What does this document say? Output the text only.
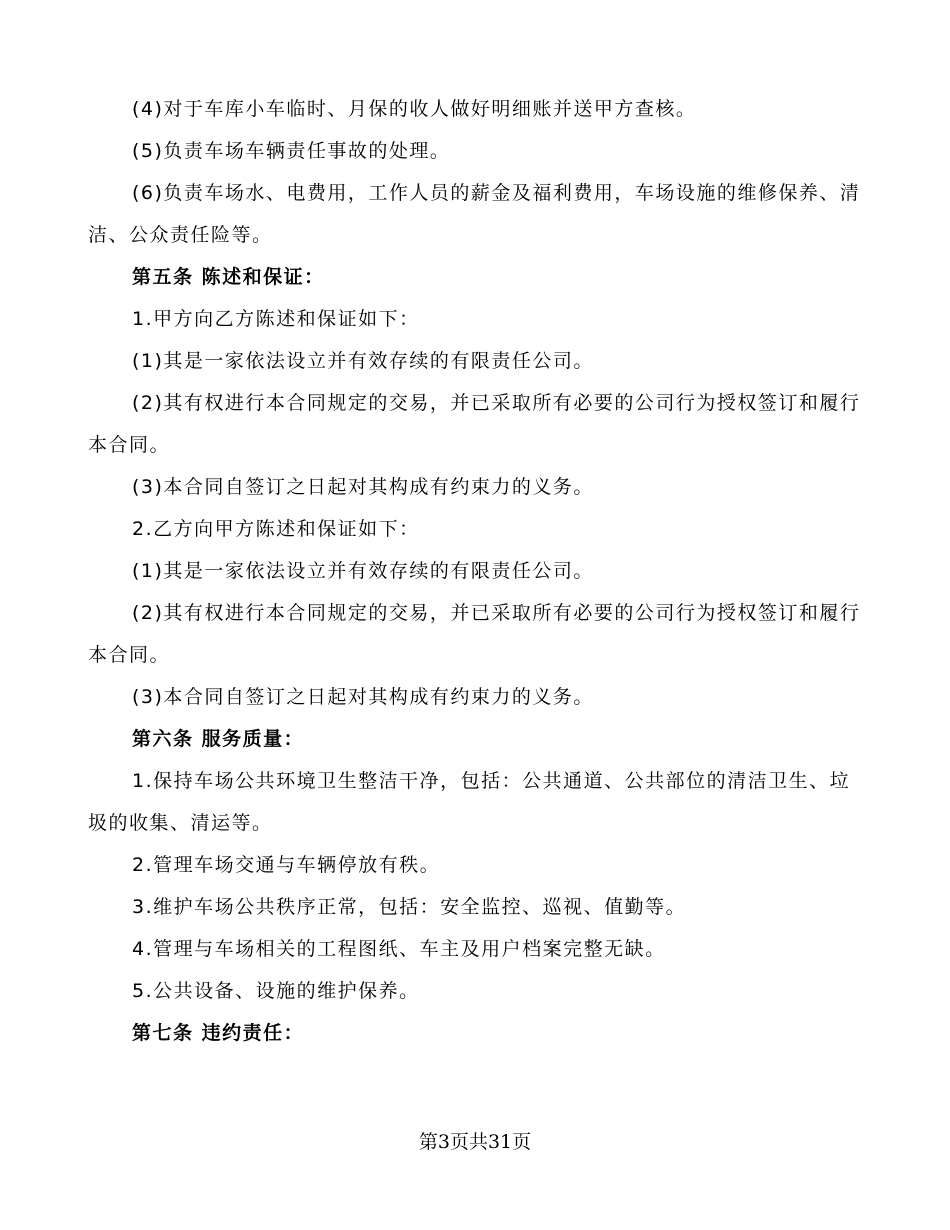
(4)对于车库小车临时、月保的收人做好明细账并送甲方查核。

(5)负责车场车辆责任事故的处理。

(6)负责车场水、电费用，工作人员的薪金及福利费用，车场设施的维修保养、清洁、公众责任险等。

第五条 陈述和保证：

1.甲方向乙方陈述和保证如下：

(1)其是一家依法设立并有效存续的有限责任公司。

(2)其有权进行本合同规定的交易，并已采取所有必要的公司行为授权签订和履行本合同。

(3)本合同自签订之日起对其构成有约束力的义务。

2.乙方向甲方陈述和保证如下：

(1)其是一家依法设立并有效存续的有限责任公司。

(2)其有权进行本合同规定的交易，并已采取所有必要的公司行为授权签订和履行本合同。

(3)本合同自签订之日起对其构成有约束力的义务。

第六条 服务质量：

1.保持车场公共环境卫生整洁干净，包括：公共通道、公共部位的清洁卫生、垃圾的收集、清运等。

2.管理车场交通与车辆停放有秩。

3.维护车场公共秩序正常，包括：安全监控、巡视、值勤等。

4.管理与车场相关的工程图纸、车主及用户档案完整无缺。

5.公共设备、设施的维护保养。

第七条 违约责任：

第3页共31页
